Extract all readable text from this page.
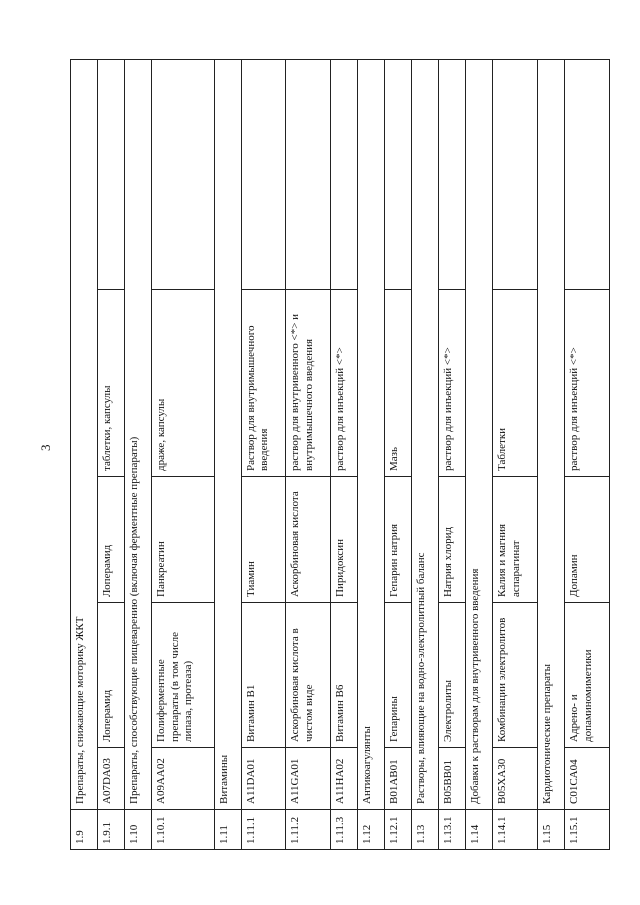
3
1.9	Препараты, снижающие моторику ЖКТ				
1.9.1	A07DA03	Лоперамид	Лоперамид	таблетки, капсулы	
1.10	Препараты, способствующие пищеварению (включая ферментные препараты)				
1.10.1	A09AA02	Полиферментные препараты (в том числе липаза, протеаза)	Панкреатин	драже, капсулы	
1.11	Витамины				
1.11.1	A11DA01	Витамин B1	Тиамин	Раствор для внутримышечного введения	
1.11.2	A11GA01	Аскорбиновая кислота в чистом виде	Аскорбиновая кислота	раствор для внутривенного <*> и внутримышечного введения	
1.11.3	A11HA02	Витамин B6	Пиридоксин	раствор для инъекций <*>	
1.12	Антикоагулянты				
1.12.1	B01AB01	Гепарины	Гепарин натрия	Мазь	
1.13	Растворы, влияющие на водно-электролитный баланс				
1.13.1	B05BB01	Электролиты	Натрия хлорид	раствор для инъекций <*>	
1.14	Добавки к растворам для внутривенного введения				
1.14.1	B05XA30	Комбинации электролитов	Калия и магния аспарагинат	Таблетки	
1.15	Кардиотонические препараты				
1.15.1	C01CA04	Адрено- и допаминомиметики	Допамин	раствор для инъекций <*>	
